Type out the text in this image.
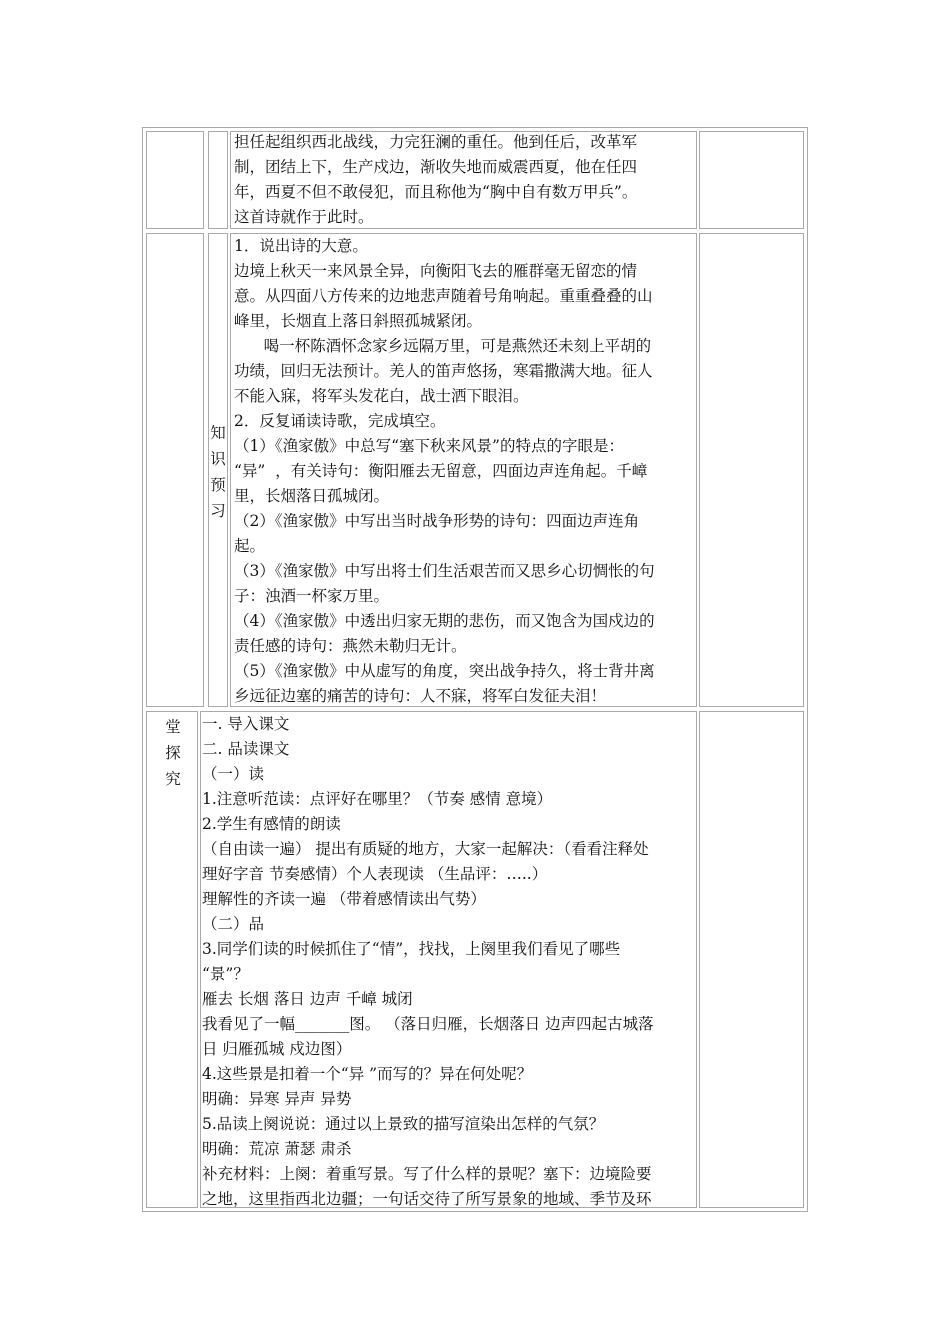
担任起组织西北战线，力完狂澜的重任。他到任后，改革军

制，团结上下，生产戍边，渐收失地而威震西夏，他在任四

年，西夏不但不敢侵犯，而且称他为“胸中自有数万甲兵”。

这首诗就作于此时。

知
识
预
习

1．说出诗的大意。

边境上秋天一来风景全异，向衡阳飞去的雁群毫无留恋的情

意。从四面八方传来的边地悲声随着号角响起。重重叠叠的山

峰里，长烟直上落日斜照孤城紧闭。

喝一杯陈酒怀念家乡远隔万里，可是燕然还未刻上平胡的

功绩，回归无法预计。羌人的笛声悠扬，寒霜撒满大地。征人

不能入寐，将军头发花白，战士洒下眼泪。

2．反复诵读诗歌，完成填空。

（1）《渔家傲》中总写“塞下秋来风景”的特点的字眼是：

“异”  ，有关诗句：衡阳雁去无留意，四面边声连角起。千嶂

里，长烟落日孤城闭。

（2）《渔家傲》中写出当时战争形势的诗句：四面边声连角

起。

（3）《渔家傲》中写出将士们生活艰苦而又思乡心切惆怅的句

子：浊酒一杯家万里。

（4）《渔家傲》中透出归家无期的悲伤，而又饱含为国戍边的

责任感的诗句：燕然未勒归无计。

（5）《渔家傲》中从虚写的角度，突出战争持久，将士背井离

乡远征边塞的痛苦的诗句：人不寐，将军白发征夫泪！

堂
探
究

一. 导入课文

二. 品读课文

（一）读

1.注意听范读：点评好在哪里？（节奏 感情 意境）

2.学生有感情的朗读

（自由读一遍） 提出有质疑的地方，大家一起解决：（看看注释处

理好字音 节奏感情）个人表现读 （生品评：…..）

理解性的齐读一遍 （带着感情读出气势）

（二）品

3.同学们读的时候抓住了“情”，找找，上阕里我们看见了哪些

“景”？

雁去 长烟 落日 边声 千嶂 城闭

我看见了一幅_______图。 （落日归雁，长烟落日 边声四起古城落

日 归雁孤城 戍边图）

4.这些景是扣着一个“异 ”而写的？异在何处呢？

明确：异寒 异声 异势

5.品读上阕说说：通过以上景致的描写渲染出怎样的气氛？

明确：荒凉 萧瑟 肃杀

补充材料：上阕：着重写景。写了什么样的景呢？塞下：边境险要

之地，这里指西北边疆；一句话交待了所写景象的地域、季节及环
